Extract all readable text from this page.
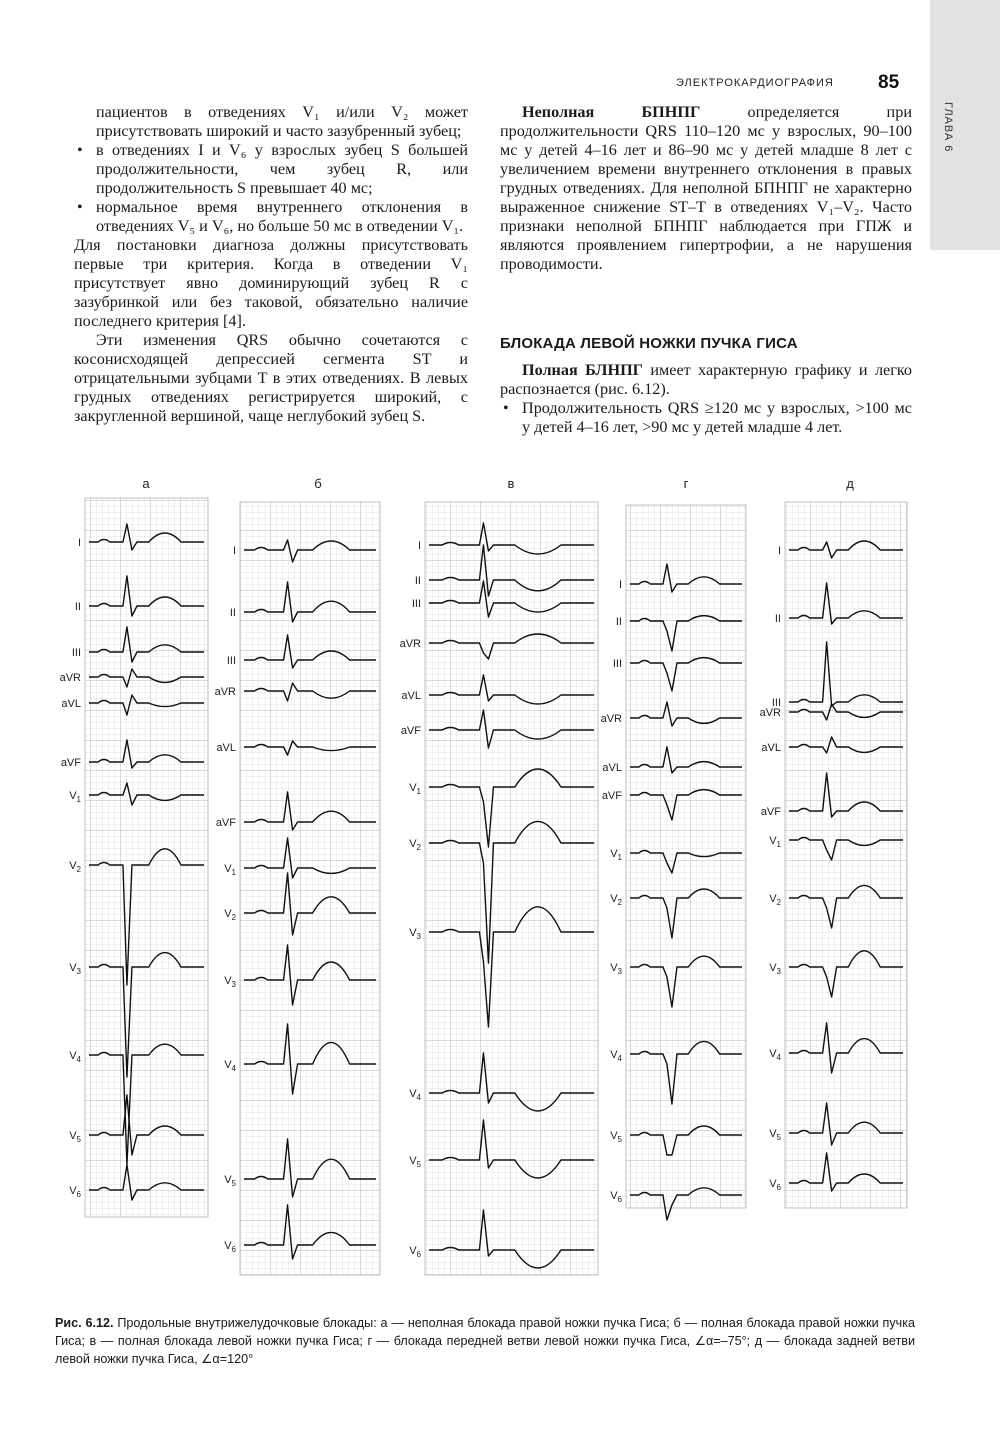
ГЛАВА 6
ЭЛЕКТРОКАРДИОГРАФИЯ 85

пациентов в отведениях V₁ и/или V₂ может присутствовать широкий и часто зазубренный зубец;

• в отведениях I и V₆ у взрослых зубец S большей продолжительности, чем зубец R, или продолжительность S превышает 40 мс;
• нормальное время внутреннего отклонения в отведениях V₅ и V₆, но больше 50 мс в отведении V₁.

Для постановки диагноза должны присутствовать первые три критерия. Когда в отведении V₁ присутствует явно доминирующий зубец R с зазубринкой или без таковой, обязательно наличие последнего критерия [4].

Эти изменения QRS обычно сочетаются с косонисходящей депрессией сегмента ST и отрицательными зубцами T в этих отведениях. В левых грудных отведениях регистрируется широкий, с закругленной вершиной, чаще неглубокий зубец S.

Неполная БПНПГ определяется при продолжительности QRS 110–120 мс у взрослых, 90–100 мс у детей 4–16 лет и 86–90 мс у детей младше 8 лет с увеличением времени внутреннего отклонения в правых грудных отведениях. Для неполной БПНПГ не характерно выраженное снижение ST–T в отведениях V₁–V₂. Часто признаки неполной БПНПГ наблюдается при ГПЖ и являются проявлением гипертрофии, а не нарушения проводимости.

БЛОКАДА ЛЕВОЙ НОЖКИ ПУЧКА ГИСА

Полная БЛНПГ имеет характерную графику и легко распознается (рис. 6.12).

• Продолжительность QRS ≥120 мс у взрослых, >100 мс у детей 4–16 лет, >90 мс у детей младше 4 лет.
а
I
II
III
aVR
aVL
aVF
$V_1$
$V_2$
$V_3$
$V_4$
$V_5$
$V_6$
б
I
II
III
aVR
aVL
aVF
$V_1$
$V_2$
$V_3$
$V_4$
$V_5$
$V_6$
в
I
II
III
aVR
aVL
aVF
$V_1$
$V_2$
$V_3$
$V_4$
$V_5$
$V_6$
г
I
II
III
aVR
aVL
aVF
$V_1$
$V_2$
$V_3$
$V_4$
$V_5$
$V_6$
д
I
II
III
aVR
aVL
aVF
$V_1$
$V_2$
$V_3$
$V_4$
$V_5$
$V_6$
Рис. 6.12. Продольные внутрижелудочковые блокады: а — неполная блокада правой ножки пучка Гиса; б — полная блокада правой ножки пучка Гиса; в — полная блокада левой ножки пучка Гиса; г — блокада передней ветви левой ножки пучка Гиса, ∠α=–75°; д — блокада задней ветви левой ножки пучка Гиса, ∠α=120°
